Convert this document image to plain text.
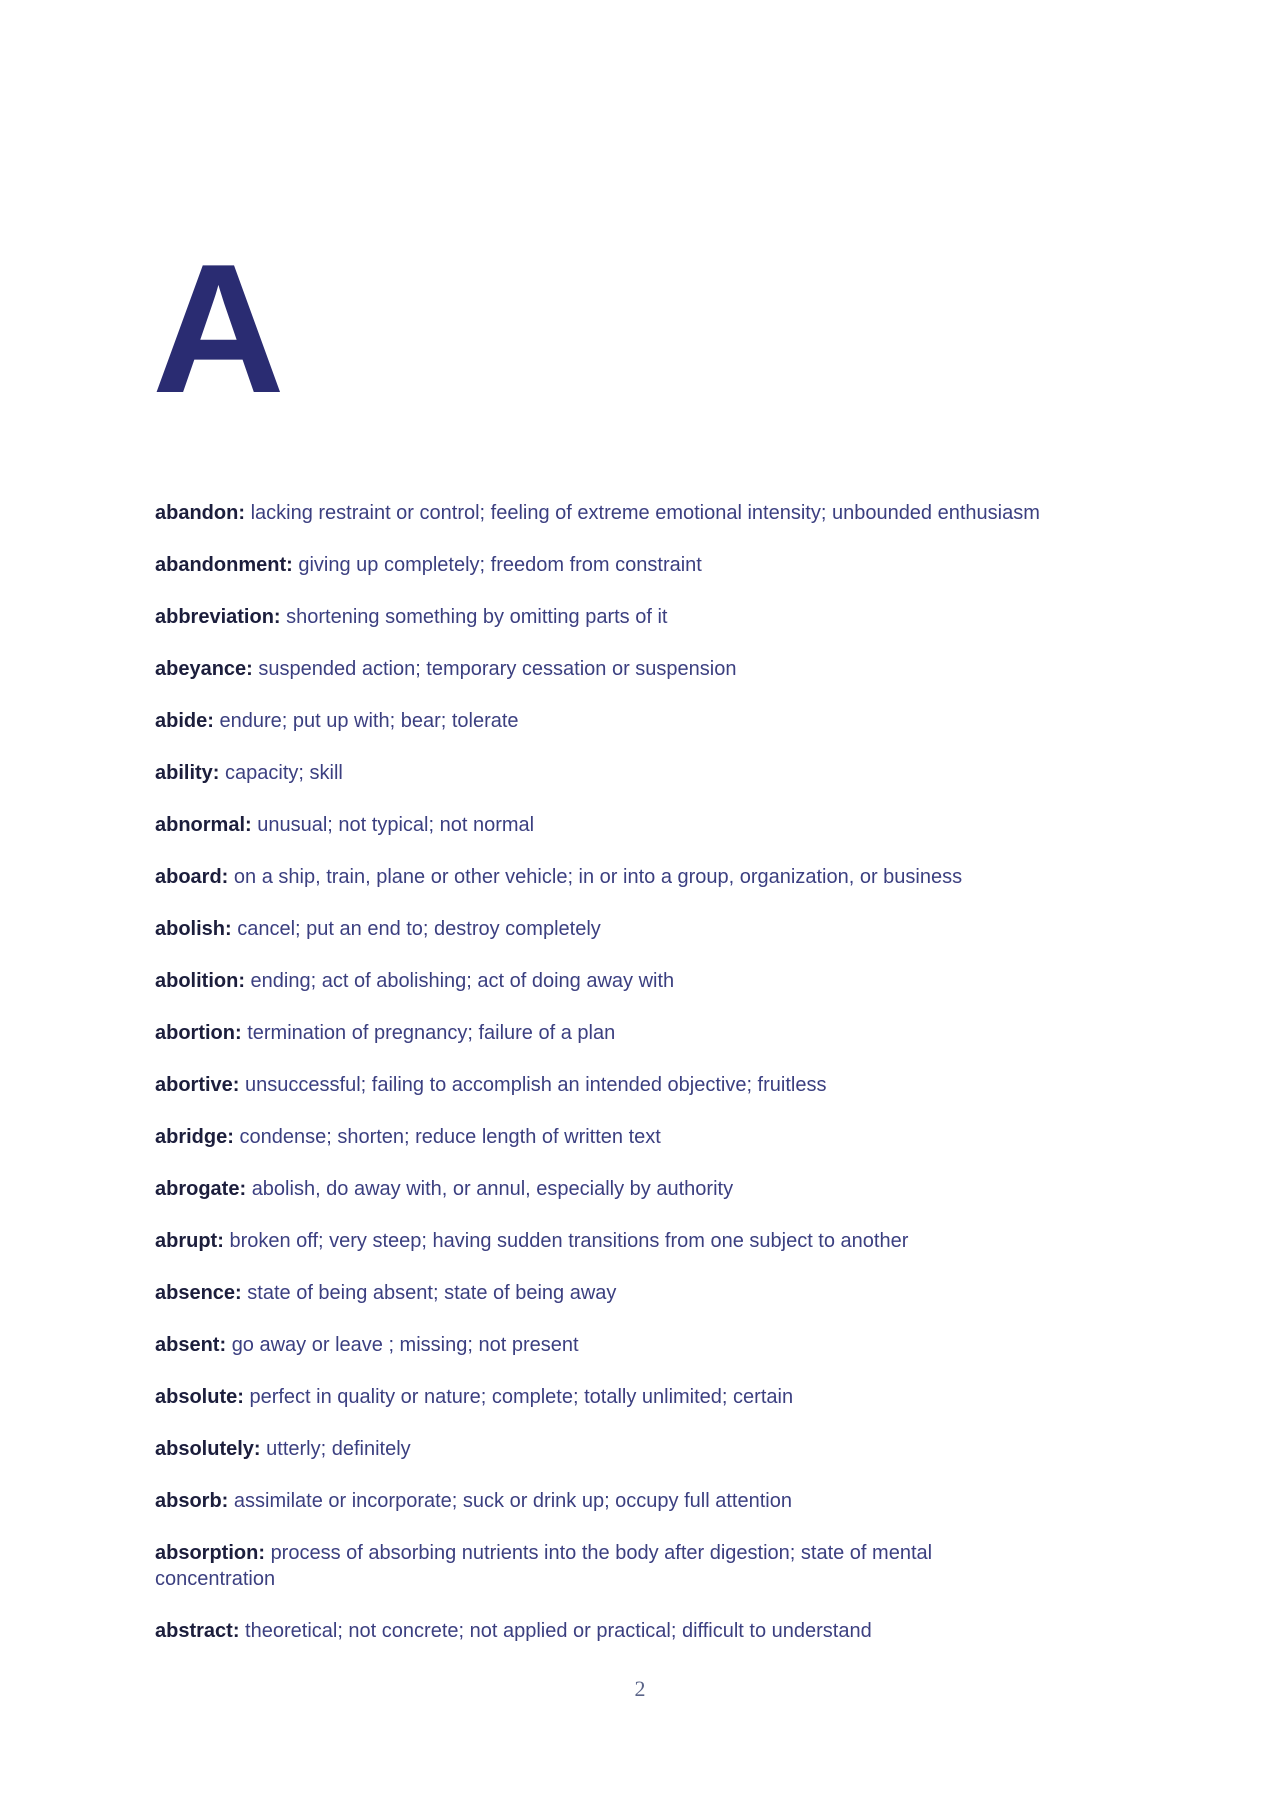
A
abandon: lacking restraint or control; feeling of extreme emotional intensity; unbounded enthusiasm
abandonment: giving up completely; freedom from constraint
abbreviation: shortening something by omitting parts of it
abeyance: suspended action; temporary cessation or suspension
abide: endure; put up with; bear; tolerate
ability: capacity; skill
abnormal: unusual; not typical; not normal
aboard: on a ship, train, plane or other vehicle; in or into a group, organization, or business
abolish: cancel; put an end to; destroy completely
abolition: ending; act of abolishing; act of doing away with
abortion: termination of pregnancy; failure of a plan
abortive: unsuccessful; failing to accomplish an intended objective; fruitless
abridge: condense; shorten; reduce length of written text
abrogate: abolish, do away with, or annul, especially by authority
abrupt: broken off; very steep; having sudden transitions from one subject to another
absence: state of being absent; state of being away
absent: go away or leave ; missing; not present
absolute: perfect in quality or nature; complete; totally unlimited; certain
absolutely: utterly; definitely
absorb: assimilate or incorporate; suck or drink up; occupy full attention
absorption: process of absorbing nutrients into the body after digestion; state of mental concentration
abstract: theoretical; not concrete; not applied or practical; difficult to understand
2
